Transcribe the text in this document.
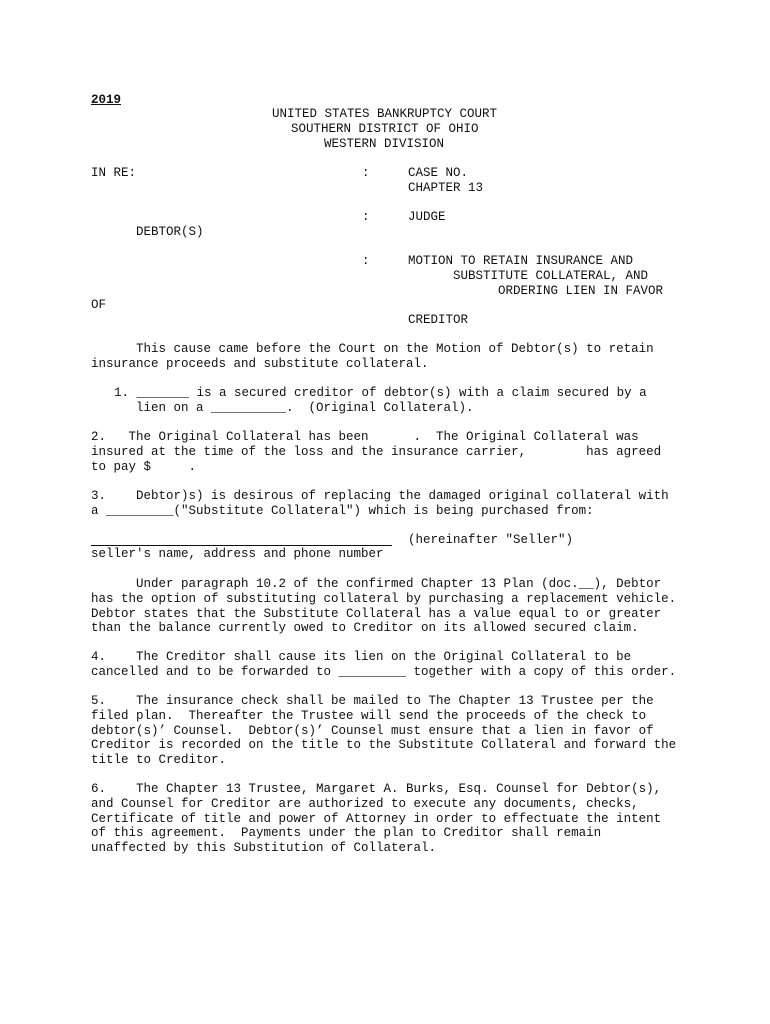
2019
UNITED STATES BANKRUPTCY COURT
SOUTHERN DISTRICT OF OHIO
WESTERN DIVISION
IN RE:	:	CASE NO.
CHAPTER 13
:	JUDGE
DEBTOR(S)
:	MOTION TO RETAIN INSURANCE AND
SUBSTITUTE COLLATERAL, AND
ORDERING LIEN IN FAVOR
OF
CREDITOR
This cause came before the Court on the Motion of Debtor(s) to retain
insurance proceeds and substitute collateral.
1. _______ is a secured creditor of debtor(s) with a claim secured by a
lien on a __________.  (Original Collateral).
2.   The Original Collateral has been      .  The Original Collateral was
insured at the time of the loss and the insurance carrier,        has agreed
to pay $     .
3.    Debtor)s) is desirous of replacing the damaged original collateral with
a _________("Substitute Collateral") which is being purchased from:
(hereinafter "Seller")
seller's name, address and phone number
Under paragraph 10.2 of the confirmed Chapter 13 Plan (doc.__), Debtor
has the option of substituting collateral by purchasing a replacement vehicle.
Debtor states that the Substitute Collateral has a value equal to or greater
than the balance currently owed to Creditor on its allowed secured claim.
4.    The Creditor shall cause its lien on the Original Collateral to be
cancelled and to be forwarded to _________ together with a copy of this order.
5.    The insurance check shall be mailed to The Chapter 13 Trustee per the
filed plan.  Thereafter the Trustee will send the proceeds of the check to
debtor(s)’ Counsel.  Debtor(s)’ Counsel must ensure that a lien in favor of
Creditor is recorded on the title to the Substitute Collateral and forward the
title to Creditor.
6.    The Chapter 13 Trustee, Margaret A. Burks, Esq. Counsel for Debtor(s),
and Counsel for Creditor are authorized to execute any documents, checks,
Certificate of title and power of Attorney in order to effectuate the intent
of this agreement.  Payments under the plan to Creditor shall remain
unaffected by this Substitution of Collateral.
